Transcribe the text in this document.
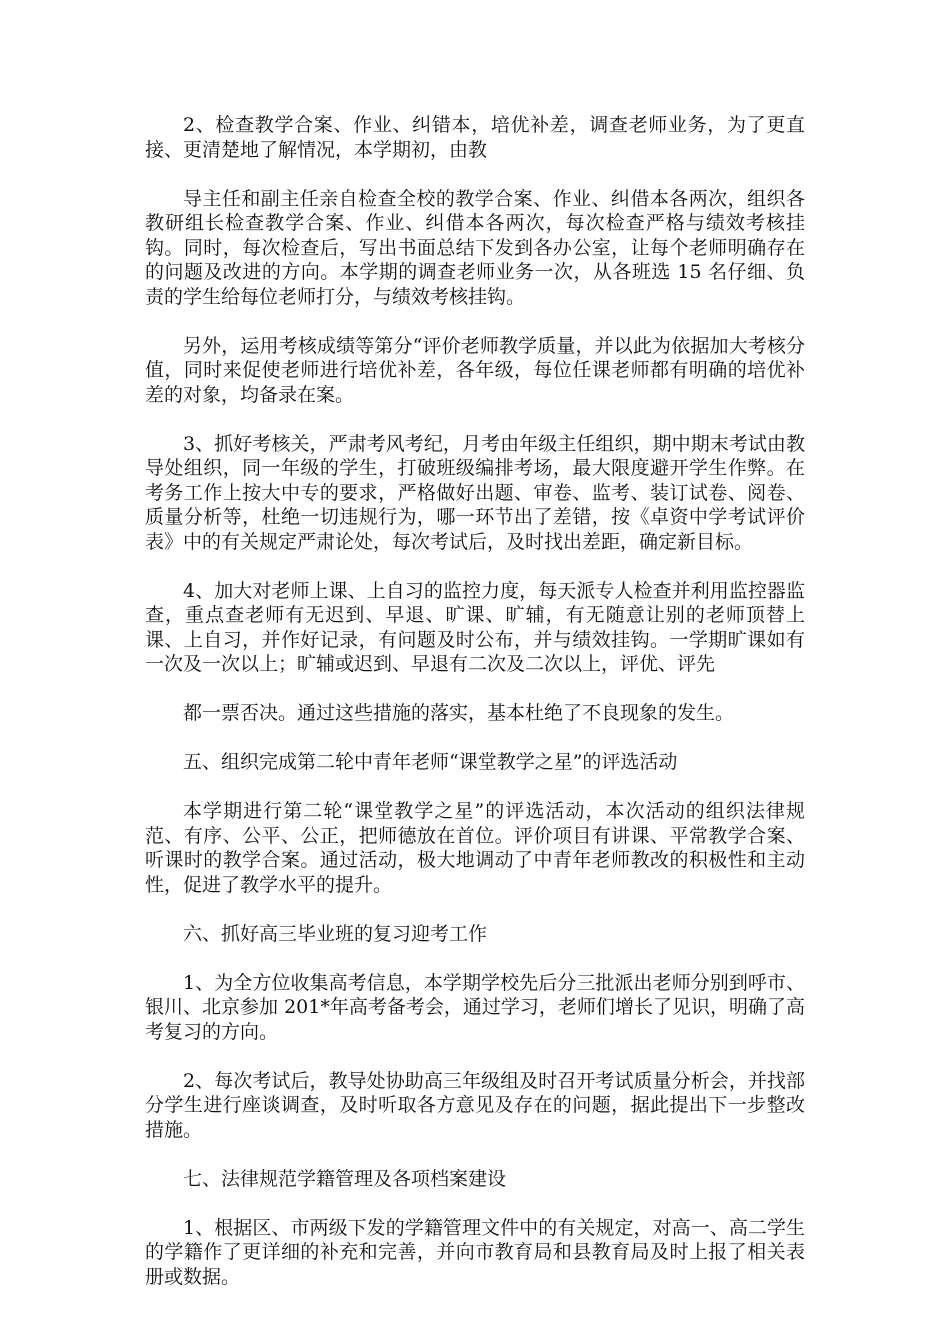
2、检查教学合案、作业、纠错本，培优补差，调查老师业务，为了更直接、更清楚地了解情况，本学期初，由教

导主任和副主任亲自检查全校的教学合案、作业、纠借本各两次，组织各教研组长检查教学合案、作业、纠借本各两次，每次检查严格与绩效考核挂钩。同时，每次检查后，写出书面总结下发到各办公室，让每个老师明确存在的问题及改进的方向。本学期的调查老师业务一次，从各班选 15 名仔细、负责的学生给每位老师打分，与绩效考核挂钩。

另外，运用考核成绩等第分“评价老师教学质量，并以此为依据加大考核分值，同时来促使老师进行培优补差，各年级，每位任课老师都有明确的培优补差的对象，均备录在案。

3、抓好考核关，严肃考风考纪，月考由年级主任组织，期中期末考试由教导处组织，同一年级的学生，打破班级编排考场，最大限度避开学生作弊。在考务工作上按大中专的要求，严格做好出题、审卷、监考、装订试卷、阅卷、质量分析等，杜绝一切违规行为，哪一环节出了差错，按《卓资中学考试评价表》中的有关规定严肃论处，每次考试后，及时找出差距，确定新目标。

4、加大对老师上课、上自习的监控力度，每天派专人检查并利用监控器监查，重点查老师有无迟到、早退、旷课、旷辅，有无随意让别的老师顶替上课、上自习，并作好记录，有问题及时公布，并与绩效挂钩。一学期旷课如有一次及一次以上；旷辅或迟到、早退有二次及二次以上，评优、评先

都一票否决。通过这些措施的落实，基本杜绝了不良现象的发生。

五、组织完成第二轮中青年老师“课堂教学之星”的评选活动

本学期进行第二轮“课堂教学之星”的评选活动，本次活动的组织法律规范、有序、公平、公正，把师德放在首位。评价项目有讲课、平常教学合案、听课时的教学合案。通过活动，极大地调动了中青年老师教改的积极性和主动性，促进了教学水平的提升。

六、抓好高三毕业班的复习迎考工作

1、为全方位收集高考信息，本学期学校先后分三批派出老师分别到呼市、银川、北京参加 201*年高考备考会，通过学习，老师们增长了见识，明确了高考复习的方向。

2、每次考试后，教导处协助高三年级组及时召开考试质量分析会，并找部分学生进行座谈调查，及时听取各方意见及存在的问题，据此提出下一步整改措施。

七、法律规范学籍管理及各项档案建设

1、根据区、市两级下发的学籍管理文件中的有关规定，对高一、高二学生的学籍作了更详细的补充和完善，并向市教育局和县教育局及时上报了相关表册或数据。
